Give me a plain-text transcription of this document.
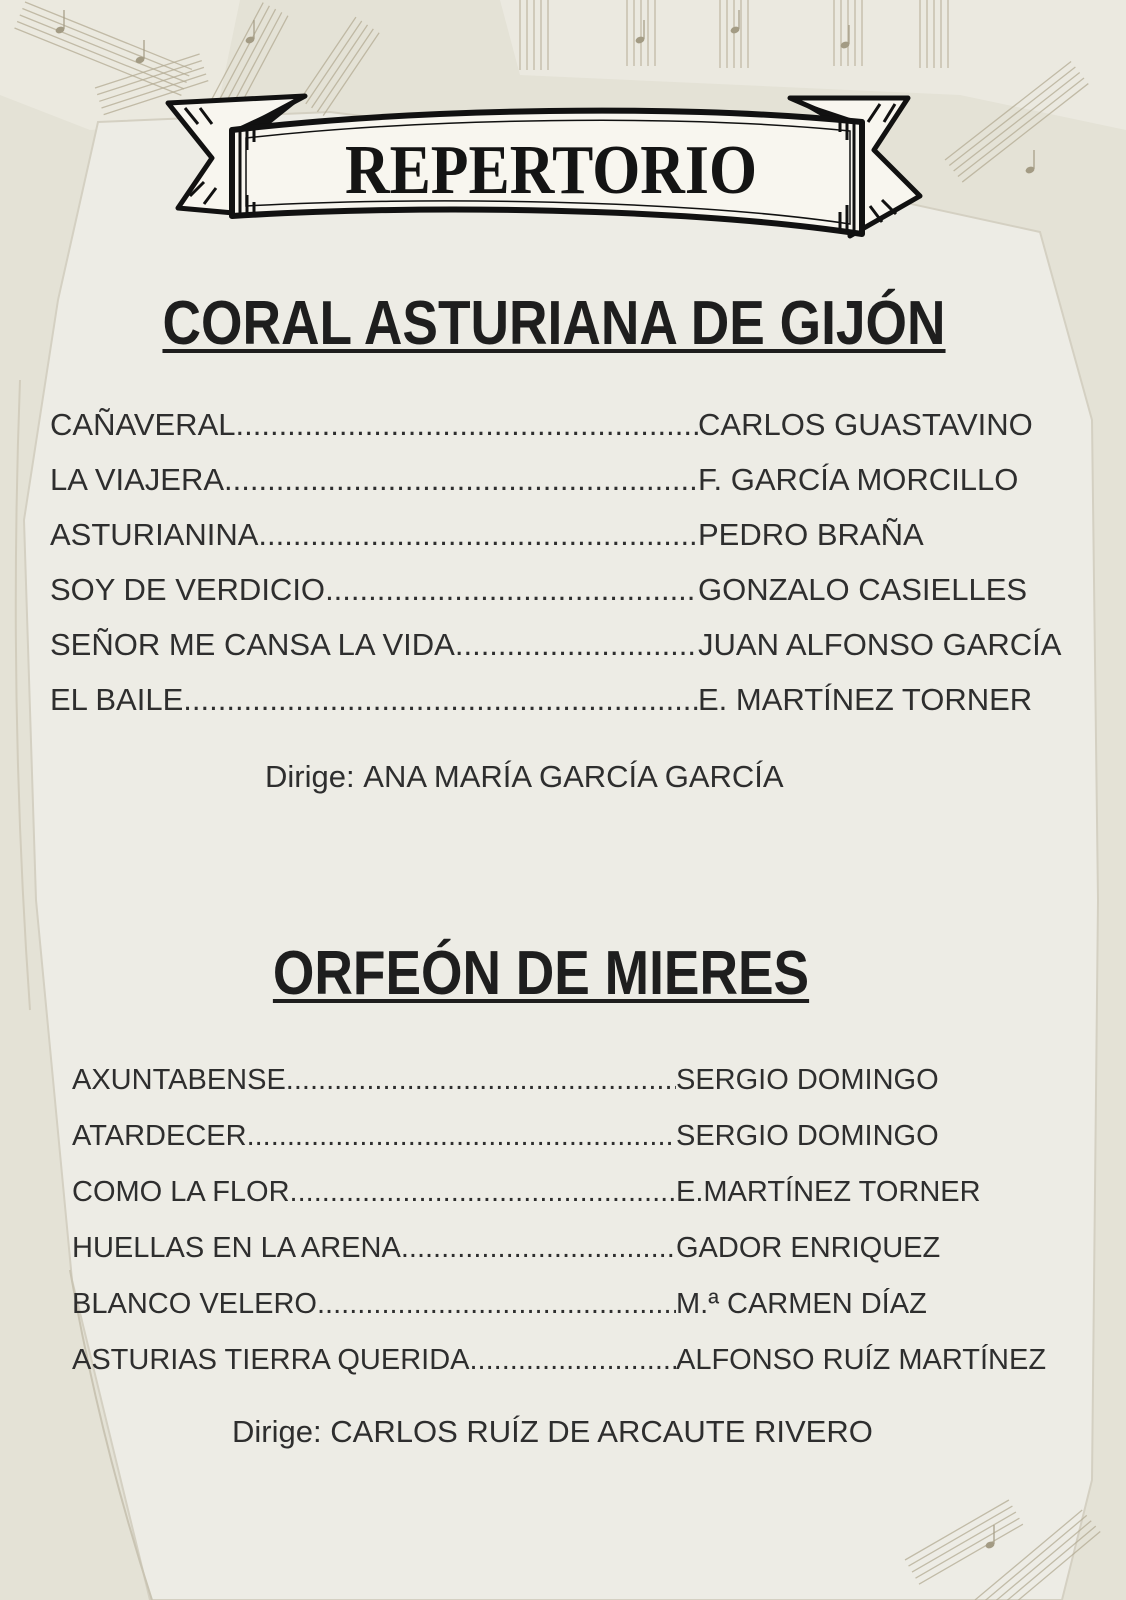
REPERTORIO
CORAL ASTURIANA DE GIJÓN
CAÑAVERAL .....	CARLOS GUASTAVINO
LA VIAJERA .....	F. GARCÍA MORCILLO
ASTURIANINA .....	PEDRO BRAÑA
SOY DE VERDICIO .....	GONZALO CASIELLES
SEÑOR ME CANSA LA VIDA .....	JUAN ALFONSO GARCÍA
EL BAILE .....	E. MARTÍNEZ TORNER
Dirige: ANA MARÍA GARCÍA GARCÍA
ORFEÓN DE MIERES
AXUNTABENSE .....	SERGIO DOMINGO
ATARDECER .....	SERGIO DOMINGO
COMO LA FLOR .....	E.MARTÍNEZ TORNER
HUELLAS EN LA ARENA .....	GADOR ENRIQUEZ
BLANCO VELERO .....	M.ª CARMEN DÍAZ
ASTURIAS TIERRA QUERIDA .....	ALFONSO RUÍZ MARTÍNEZ
Dirige: CARLOS RUÍZ DE ARCAUTE RIVERO
